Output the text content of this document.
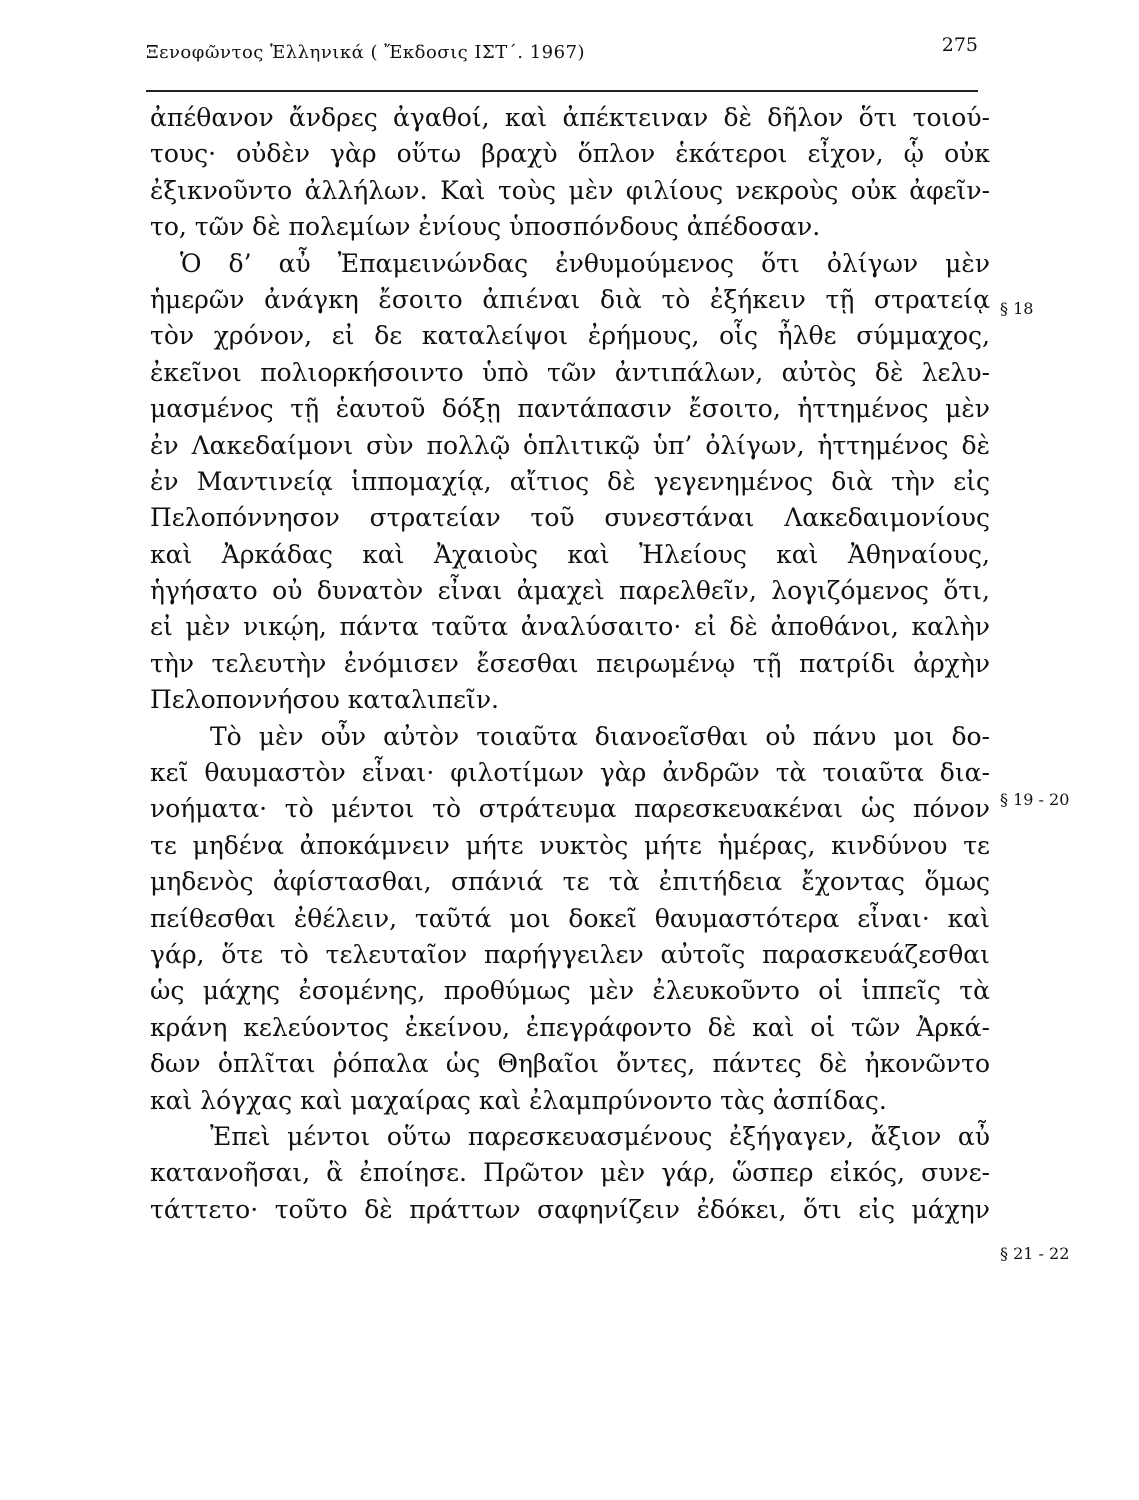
Ξενοφῶντος Ἑλληνικά ( Ἔκδοσις ΙΣΤ΄. 1967)	275
ἀπέθανον ἄνδρες ἀγαθοί, καὶ ἀπέκτειναν δὲ δῆλον ὅτι τοιού-
τους· οὐδὲν γὰρ οὕτω βραχὺ ὅπλον ἑκάτεροι εἶχον, ᾧ οὐκ
ἐξικνοῦντο ἀλλήλων. Καὶ τοὺς μὲν φιλίους νεκροὺς οὐκ ἀφεῖν-
το, τῶν δὲ πολεμίων ἐνίους ὑποσπόνδους ἀπέδοσαν.
Ὁ δ’ αὖ Ἐπαμεινώνδας ἐνθυμούμενος ὅτι ὀλίγων μὲν
ἡμερῶν ἀνάγκη ἔσοιτο ἀπιέναι διὰ τὸ ἐξήκειν τῇ στρατείᾳ
τὸν χρόνον, εἰ δε καταλείψοι ἐρήμους, οἷς ἦλθε σύμμαχος,
ἐκεῖνοι πολιορκήσοιντο ὑπὸ τῶν ἀντιπάλων, αὐτὸς δὲ λελυ-
μασμένος τῇ ἑαυτοῦ δόξῃ παντάπασιν ἔσοιτο, ἡττημένος μὲν
ἐν Λακεδαίμονι σὺν πολλῷ ὁπλιτικῷ ὑπ’ ὀλίγων, ἡττημένος δὲ
ἐν Μαντινείᾳ ἱππομαχίᾳ, αἴτιος δὲ γεγενημένος διὰ τὴν εἰς
Πελοπόννησον στρατείαν τοῦ συνεστάναι Λακεδαιμονίους
καὶ Ἀρκάδας καὶ Ἀχαιοὺς καὶ Ἠλείους καὶ Ἀθηναίους,
ἡγήσατο οὐ δυνατὸν εἶναι ἀμαχεὶ παρελθεῖν, λογιζόμενος ὅτι,
εἰ μὲν νικῴη, πάντα ταῦτα ἀναλύσαιτο· εἰ δὲ ἀποθάνοι, καλὴν
τὴν τελευτὴν ἐνόμισεν ἔσεσθαι πειρωμένῳ τῇ πατρίδι ἀρχὴν
Πελοποννήσου καταλιπεῖν.
Τὸ μὲν οὖν αὐτὸν τοιαῦτα διανοεῖσθαι οὐ πάνυ μοι δο-
κεῖ θαυμαστὸν εἶναι· φιλοτίμων γὰρ ἀνδρῶν τὰ τοιαῦτα δια-
νοήματα· τὸ μέντοι τὸ στράτευμα παρεσκευακέναι ὡς πόνον
τε μηδένα ἀποκάμνειν μήτε νυκτὸς μήτε ἡμέρας, κινδύνου τε
μηδενὸς ἀφίστασθαι, σπάνιά τε τὰ ἐπιτήδεια ἔχοντας ὅμως
πείθεσθαι ἐθέλειν, ταῦτά μοι δοκεῖ θαυμαστότερα εἶναι· καὶ
γάρ, ὅτε τὸ τελευταῖον παρήγγειλεν αὐτοῖς παρασκευάζεσθαι
ὡς μάχης ἐσομένης, προθύμως μὲν ἐλευκοῦντο οἱ ἱππεῖς τὰ
κράνη κελεύοντος ἐκείνου, ἐπεγράφοντο δὲ καὶ οἱ τῶν Ἀρκά-
δων ὁπλῖται ῥόπαλα ὡς Θηβαῖοι ὄντες, πάντες δὲ ἠκονῶντο
καὶ λόγχας καὶ μαχαίρας καὶ ἐλαμπρύνοντο τὰς ἀσπίδας.
Ἐπεὶ μέντοι οὕτω παρεσκευασμένους ἐξήγαγεν, ἄξιον αὖ
κατανοῆσαι, ἃ ἐποίησε. Πρῶτον μὲν γάρ, ὥσπερ εἰκός, συνε-
τάττετο· τοῦτο δὲ πράττων σαφηνίζειν ἐδόκει, ὅτι εἰς μάχην
§ 18
§ 19 - 20
§ 21 - 22
